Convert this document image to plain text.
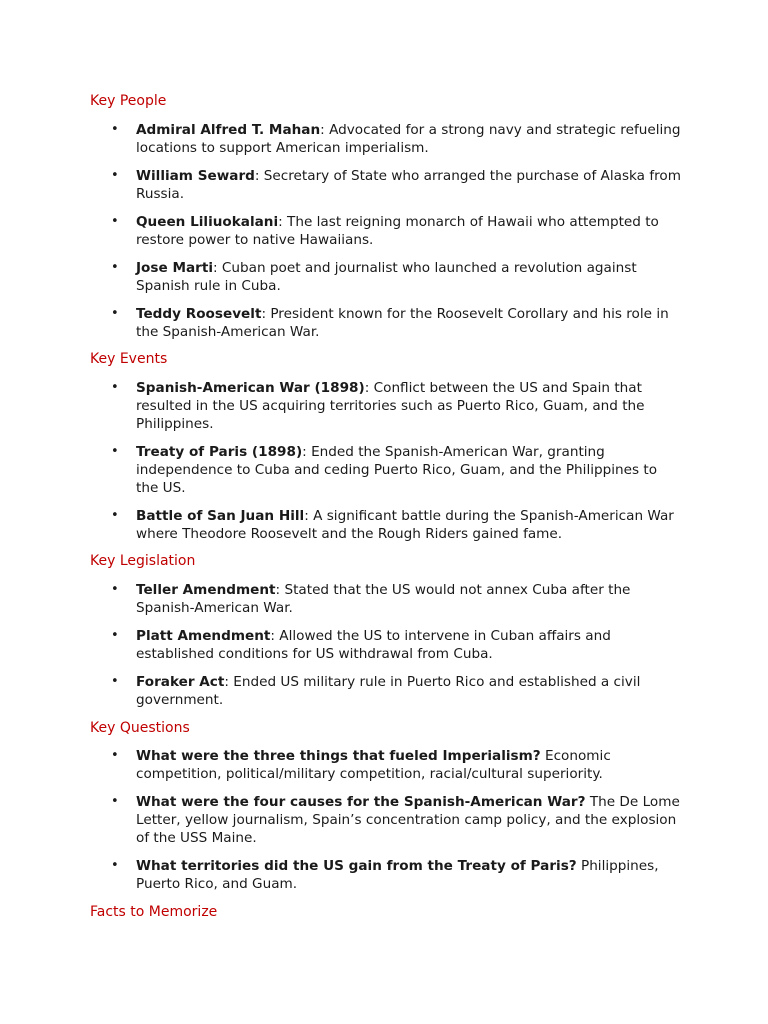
Key People
• Admiral Alfred T. Mahan: Advocated for a strong navy and strategic refueling locations to support American imperialism.
• William Seward: Secretary of State who arranged the purchase of Alaska from Russia.
• Queen Liliuokalani: The last reigning monarch of Hawaii who attempted to restore power to native Hawaiians.
• Jose Marti: Cuban poet and journalist who launched a revolution against Spanish rule in Cuba.
• Teddy Roosevelt: President known for the Roosevelt Corollary and his role in the Spanish-American War.
Key Events
• Spanish-American War (1898): Conflict between the US and Spain that resulted in the US acquiring territories such as Puerto Rico, Guam, and the Philippines.
• Treaty of Paris (1898): Ended the Spanish-American War, granting independence to Cuba and ceding Puerto Rico, Guam, and the Philippines to the US.
• Battle of San Juan Hill: A significant battle during the Spanish-American War where Theodore Roosevelt and the Rough Riders gained fame.
Key Legislation
• Teller Amendment: Stated that the US would not annex Cuba after the Spanish-American War.
• Platt Amendment: Allowed the US to intervene in Cuban affairs and established conditions for US withdrawal from Cuba.
• Foraker Act: Ended US military rule in Puerto Rico and established a civil government.
Key Questions
• What were the three things that fueled Imperialism? Economic competition, political/military competition, racial/cultural superiority.
• What were the four causes for the Spanish-American War? The De Lome Letter, yellow journalism, Spain’s concentration camp policy, and the explosion of the USS Maine.
• What territories did the US gain from the Treaty of Paris? Philippines, Puerto Rico, and Guam.
Facts to Memorize
